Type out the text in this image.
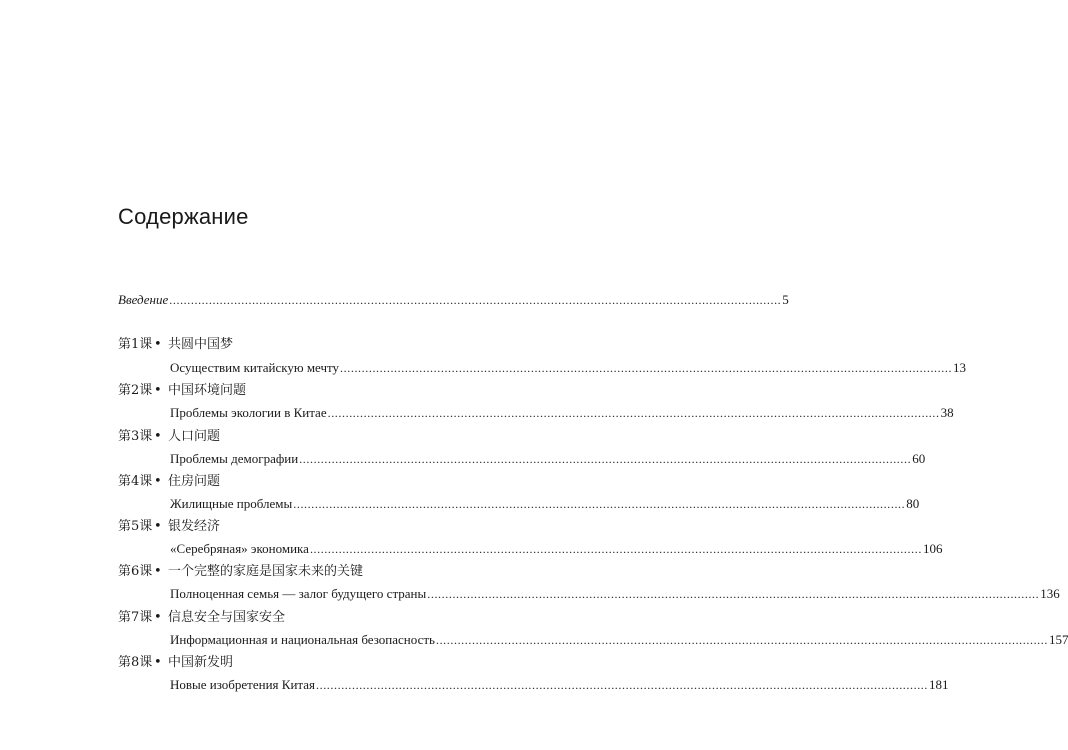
Содержание
Введение .......................................................................................................................................................................... 5
第1课 • 共圆中国梦
Осуществим китайскую мечту .......................................................................................................................................................................... 13
第2课 • 中国环境问题
Проблемы экологии в Китае .......................................................................................................................................................................... 38
第3课 • 人口问题
Проблемы демографии .......................................................................................................................................................................... 60
第4课 • 住房问题
Жилищные проблемы .......................................................................................................................................................................... 80
第5课 • 银发经济
«Серебряная» экономика .......................................................................................................................................................................... 106
第6课 • 一个完整的家庭是国家未来的关键
Полноценная семья — залог будущего страны .......................................................................................................................................................................... 136
第7课 • 信息安全与国家安全
Информационная и национальная безопасность .......................................................................................................................................................................... 157
第8课 • 中国新发明
Новые изобретения Китая .......................................................................................................................................................................... 181
